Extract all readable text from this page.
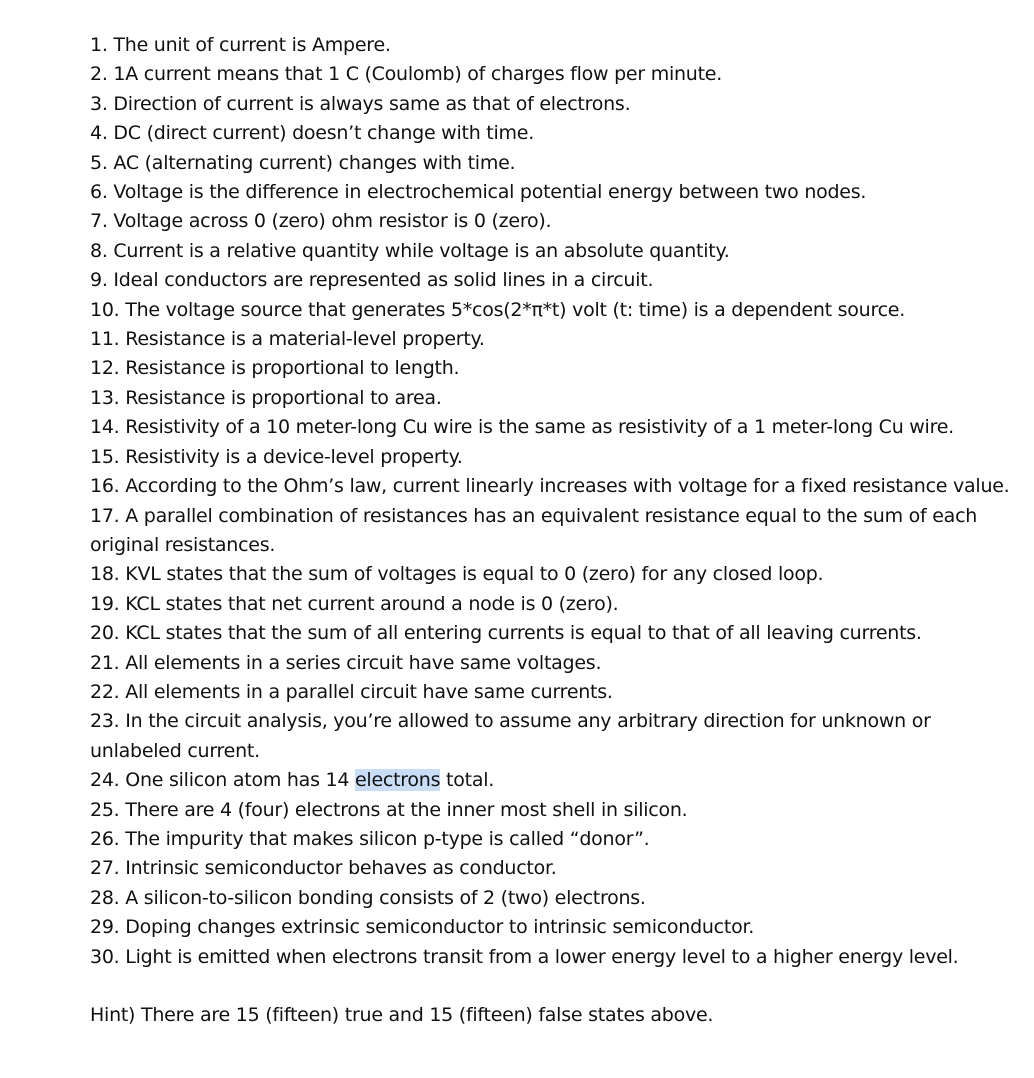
1. The unit of current is Ampere.

2. 1A current means that 1 C (Coulomb) of charges flow per minute.

3. Direction of current is always same as that of electrons.

4. DC (direct current) doesn’t change with time.

5. AC (alternating current) changes with time.

6. Voltage is the difference in electrochemical potential energy between two nodes.

7. Voltage across 0 (zero) ohm resistor is 0 (zero).

8. Current is a relative quantity while voltage is an absolute quantity.

9. Ideal conductors are represented as solid lines in a circuit.

10. The voltage source that generates 5*cos(2*π*t) volt (t: time) is a dependent source.

11. Resistance is a material-level property.

12. Resistance is proportional to length.

13. Resistance is proportional to area.

14. Resistivity of a 10 meter-long Cu wire is the same as resistivity of a 1 meter-long Cu wire.

15. Resistivity is a device-level property.

16. According to the Ohm’s law, current linearly increases with voltage for a fixed resistance value.

17. A parallel combination of resistances has an equivalent resistance equal to the sum of each original resistances.

18. KVL states that the sum of voltages is equal to 0 (zero) for any closed loop.

19. KCL states that net current around a node is 0 (zero).

20. KCL states that the sum of all entering currents is equal to that of all leaving currents.

21. All elements in a series circuit have same voltages.

22. All elements in a parallel circuit have same currents.

23. In the circuit analysis, you’re allowed to assume any arbitrary direction for unknown or unlabeled current.

24. One silicon atom has 14 electrons total.

25. There are 4 (four) electrons at the inner most shell in silicon.

26. The impurity that makes silicon p-type is called “donor”.

27. Intrinsic semiconductor behaves as conductor.

28. A silicon-to-silicon bonding consists of 2 (two) electrons.

29. Doping changes extrinsic semiconductor to intrinsic semiconductor.

30. Light is emitted when electrons transit from a lower energy level to a higher energy level.

Hint) There are 15 (fifteen) true and 15 (fifteen) false states above.
